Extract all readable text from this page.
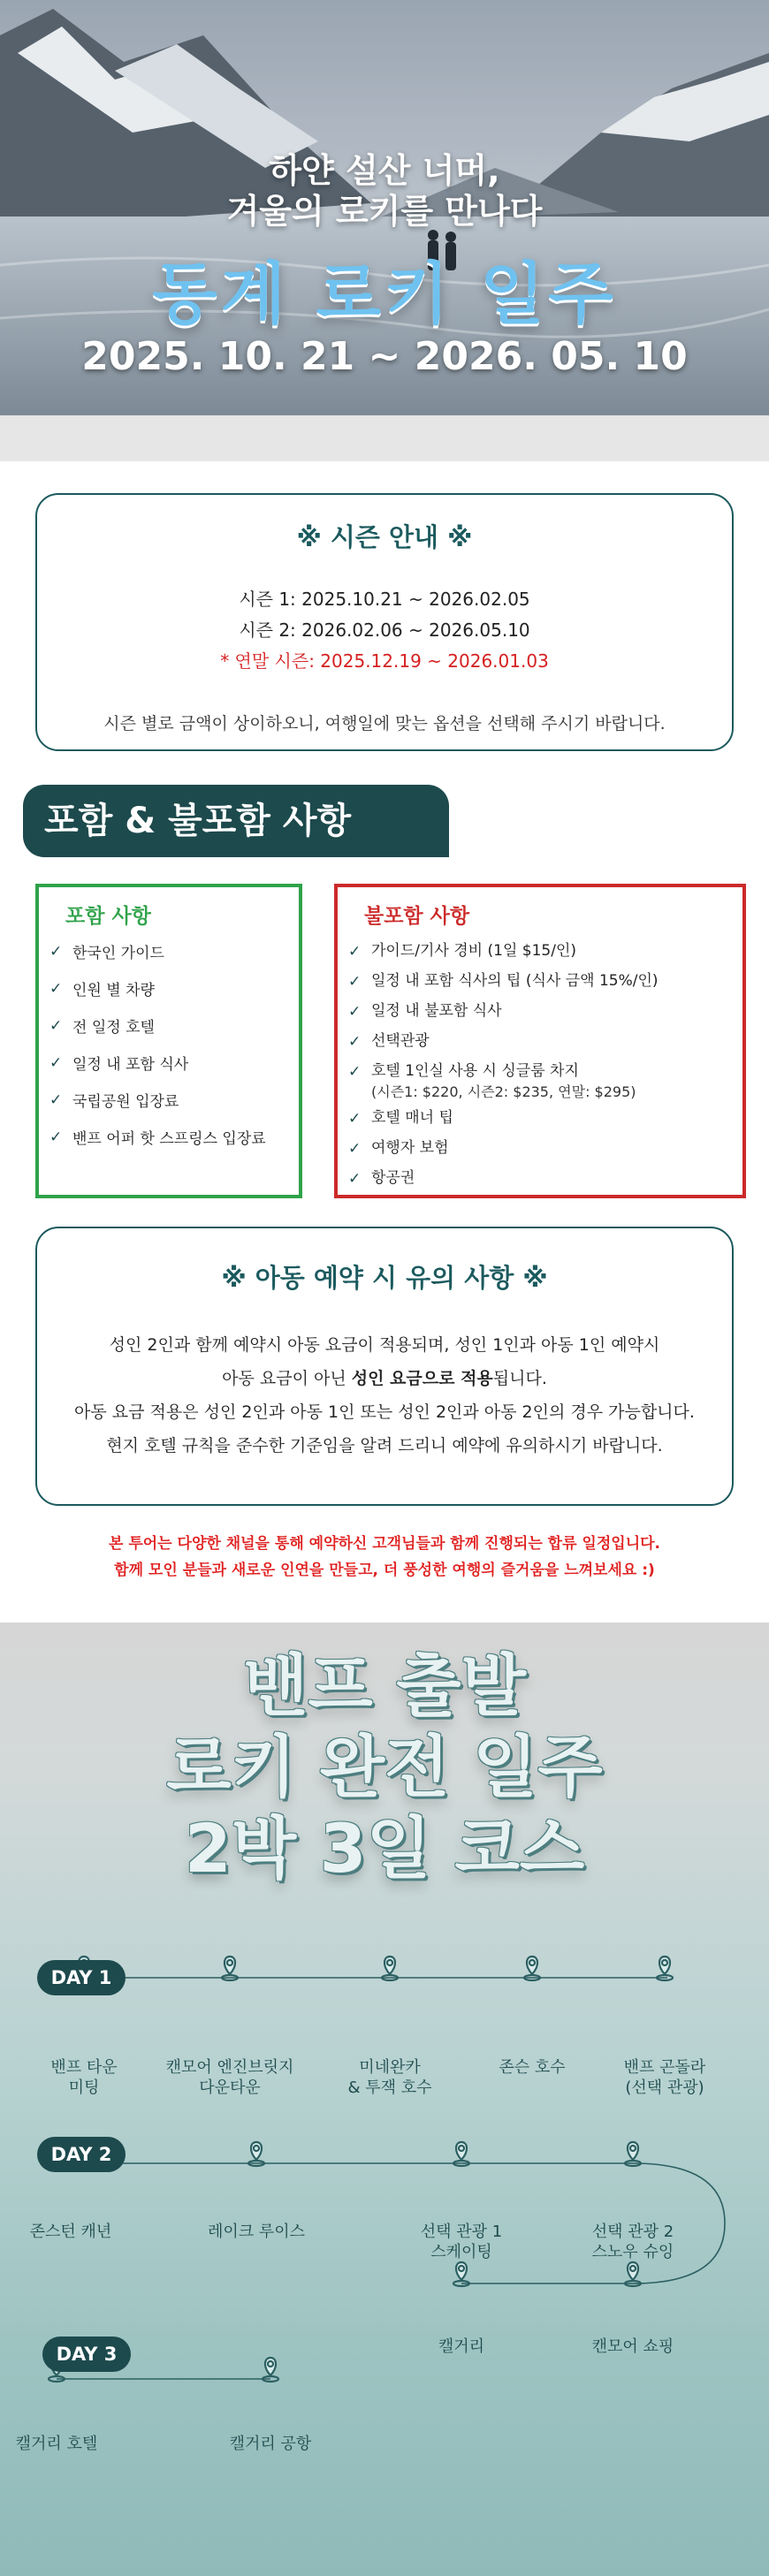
하얀 설산 너머,
겨울의 로키를 만나다
동계 로키 일주
2025. 10. 21 ~ 2026. 05. 10
※ 시즌 안내 ※
시즌 1: 2025.10.21 ~ 2026.02.05
시즌 2: 2026.02.06 ~ 2026.05.10
* 연말 시즌: 2025.12.19 ~ 2026.01.03
시즌 별로 금액이 상이하오니, 여행일에 맞는 옵션을 선택해 주시기 바랍니다.
포함 & 불포함 사항
포함 사항
✓ 한국인 가이드
✓ 인원 별 차량
✓ 전 일정 호텔
✓ 일정 내 포함 식사
✓ 국립공원 입장료
✓ 밴프 어퍼 핫 스프링스 입장료
불포함 사항
✓ 가이드/기사 경비 (1일 $15/인)
✓ 일정 내 포함 식사의 팁 (식사 금액 15%/인)
✓ 일정 내 불포함 식사
✓ 선택관광
✓ 호텔 1인실 사용 시 싱글룸 차지
(시즌1: $220, 시즌2: $235, 연말: $295)
✓ 호텔 매너 팁
✓ 여행자 보험
✓ 항공권
※ 아동 예약 시 유의 사항 ※
성인 2인과 함께 예약시 아동 요금이 적용되며, 성인 1인과 아동 1인 예약시
아동 요금이 아닌 성인 요금으로 적용됩니다.
아동 요금 적용은 성인 2인과 아동 1인 또는 성인 2인과 아동 2인의 경우 가능합니다.
현지 호텔 규칙을 준수한 기준임을 알려 드리니 예약에 유의하시기 바랍니다.
본 투어는 다양한 채널을 통해 예약하신 고객님들과 함께 진행되는 합류 일정입니다.
함께 모인 분들과 새로운 인연을 만들고, 더 풍성한 여행의 즐거움을 느껴보세요 :)
밴프 출발
로키 완전 일주
2박 3일 코스
DAY 1
DAY 2
DAY 3
밴프 타운
미팅
캔모어 엔진브릿지
다운타운
미네완카
& 투잭 호수
존슨 호수	밴프 곤돌라
(선택 관광)
존스턴 캐년	레이크 루이스	선택 관광 1
스케이팅
선택 관광 2
스노우 슈잉
캔모어 쇼핑
캘거리
캘거리 호텔	캘거리 공항
